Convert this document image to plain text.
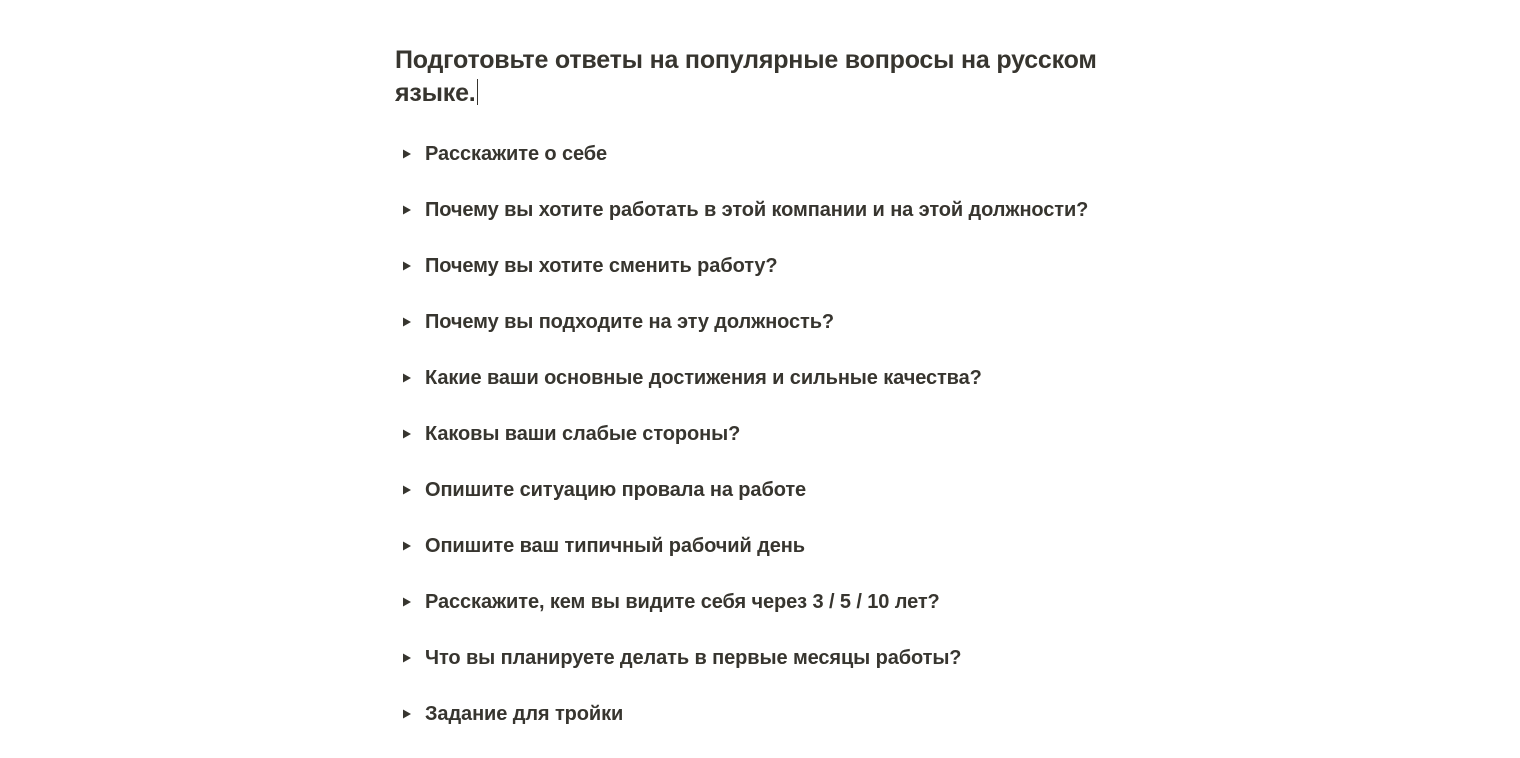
Подготовьте ответы на популярные вопросы на русском языке.
Расскажите о себе
Почему вы хотите работать в этой компании и на этой должности?
Почему вы хотите сменить работу?
Почему вы подходите на эту должность?
Какие ваши основные достижения и сильные качества?
Каковы ваши слабые стороны?
Опишите ситуацию провала на работе
Опишите ваш типичный рабочий день
Расскажите, кем вы видите себя через 3 / 5 / 10 лет?
Что вы планируете делать в первые месяцы работы?
Задание для тройки
